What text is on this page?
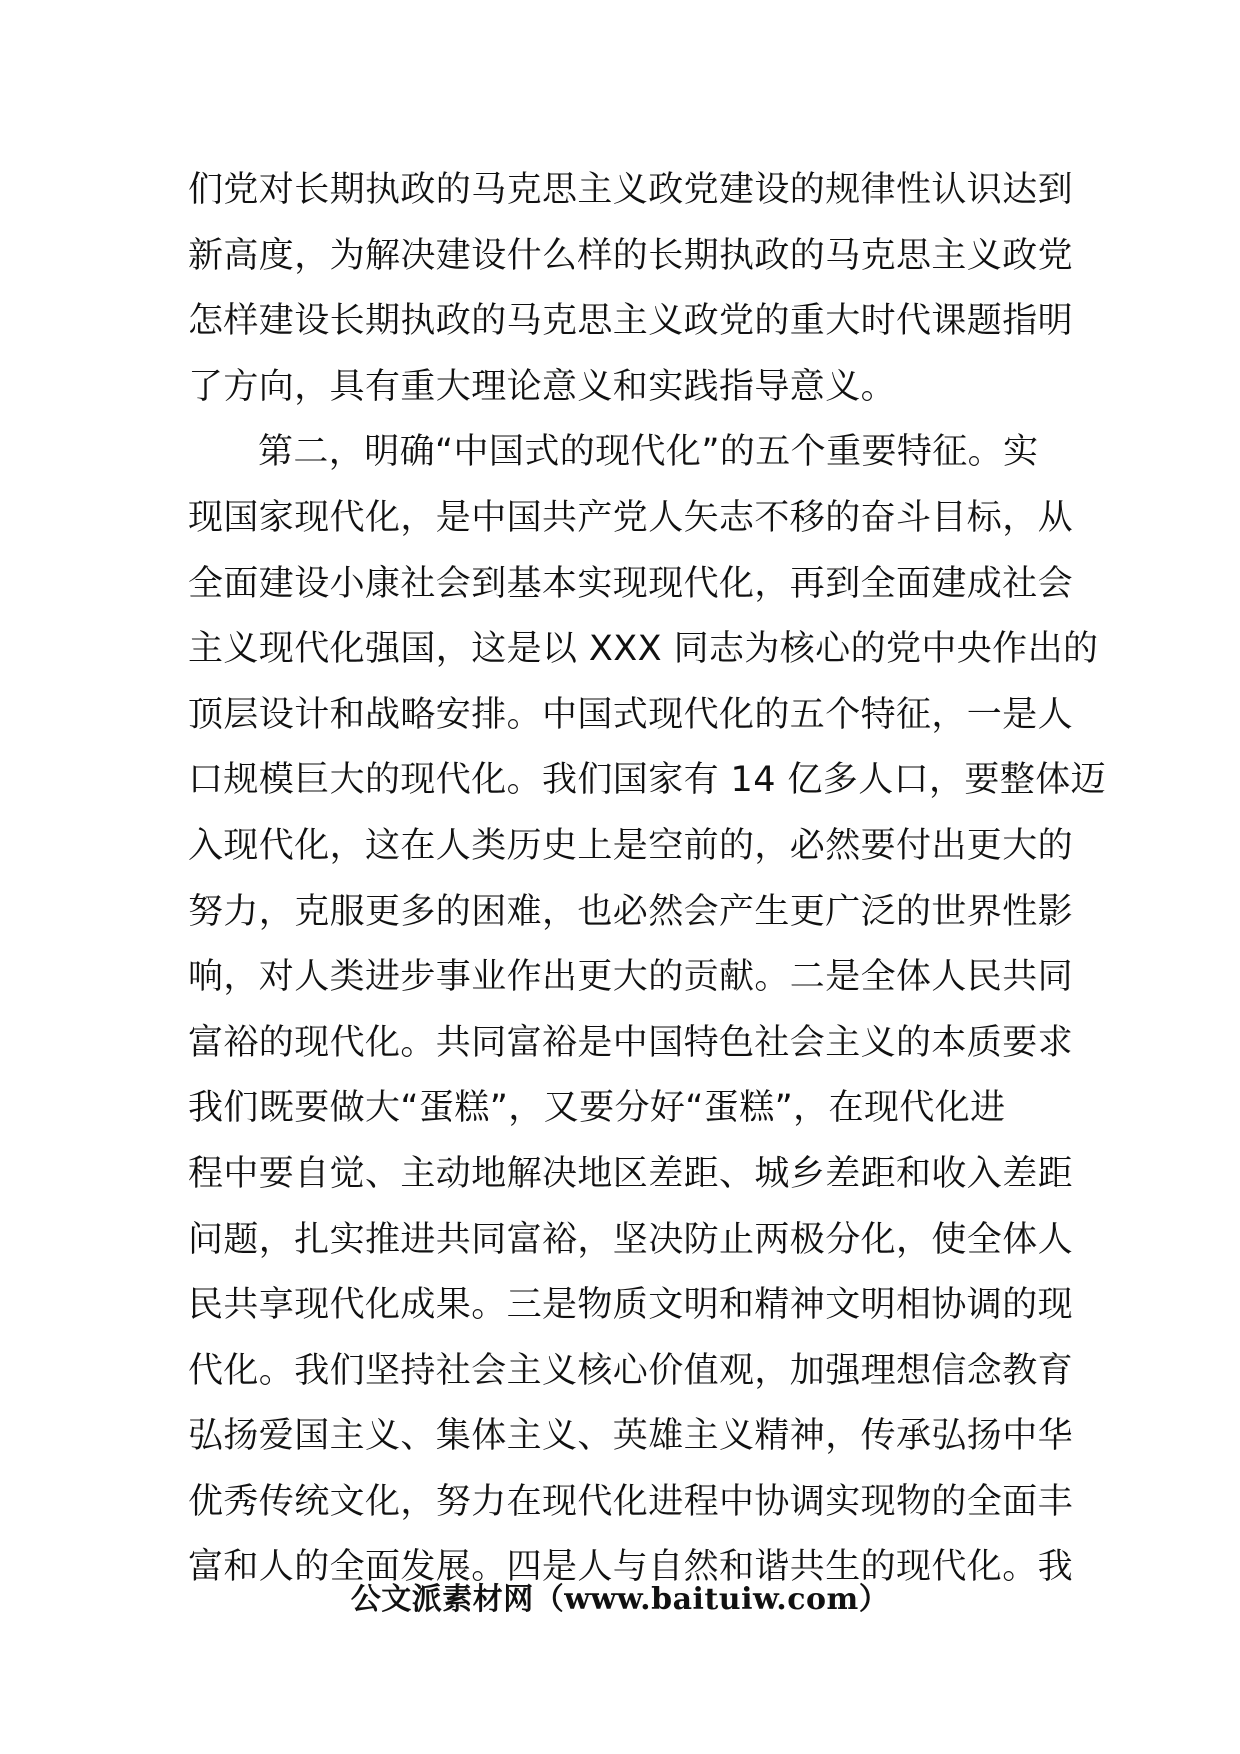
们党对长期执政的马克思主义政党建设的规律性认识达到
新高度，为解决建设什么样的长期执政的马克思主义政党
怎样建设长期执政的马克思主义政党的重大时代课题指明
了方向，具有重大理论意义和实践指导意义。
第二，明确“中国式的现代化”的五个重要特征。实
现国家现代化，是中国共产党人矢志不移的奋斗目标，从
全面建设小康社会到基本实现现代化，再到全面建成社会
主义现代化强国，这是以 XXX 同志为核心的党中央作出的
顶层设计和战略安排。中国式现代化的五个特征，一是人
口规模巨大的现代化。我们国家有 14 亿多人口，要整体迈
入现代化，这在人类历史上是空前的，必然要付出更大的
努力，克服更多的困难，也必然会产生更广泛的世界性影
响，对人类进步事业作出更大的贡献。二是全体人民共同
富裕的现代化。共同富裕是中国特色社会主义的本质要求
我们既要做大“蛋糕”，又要分好“蛋糕”，在现代化进
程中要自觉、主动地解决地区差距、城乡差距和收入差距
问题，扎实推进共同富裕，坚决防止两极分化，使全体人
民共享现代化成果。三是物质文明和精神文明相协调的现
代化。我们坚持社会主义核心价值观，加强理想信念教育
弘扬爱国主义、集体主义、英雄主义精神，传承弘扬中华
优秀传统文化，努力在现代化进程中协调实现物的全面丰
富和人的全面发展。四是人与自然和谐共生的现代化。我
公文派素材网（www.baituiw.com）
